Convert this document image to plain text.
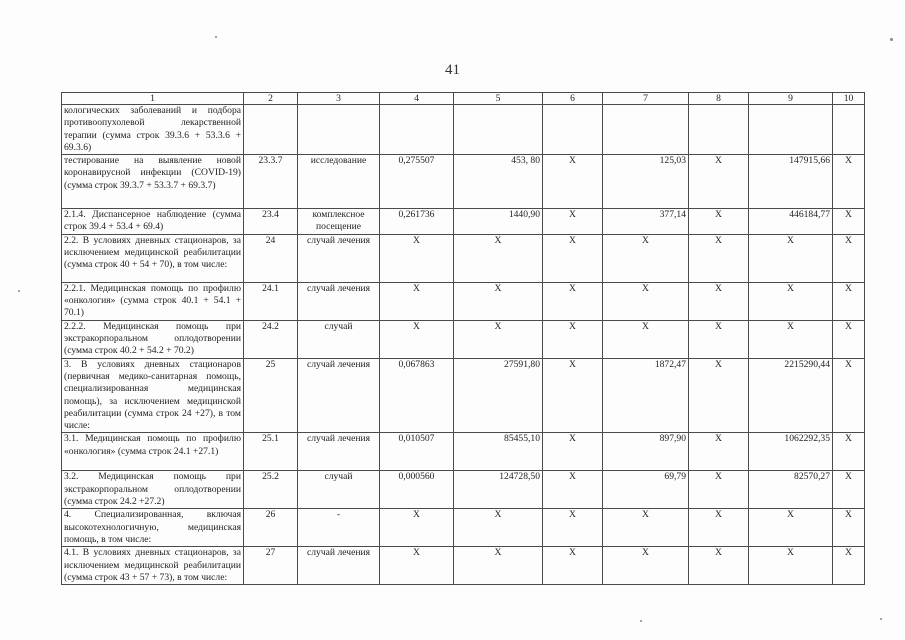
41
1	2	3	4	5	6	7	8	9	10
кологических заболеваний и подбора противоопухолевой лекарственной терапии (сумма строк 39.3.6 + 53.3.6 + 69.3.6)									
тестирование на выявление новой коронавирусной инфекции (COVID-19) (сумма строк 39.3.7 + 53.3.7 + 69.3.7)	23.3.7	исследование	0,275507	453, 80	Х	125,03	Х	147915,66	Х
2.1.4. Диспансерное наблюдение (сумма строк 39.4 + 53.4 + 69.4)	23.4	комплексное посещение	0,261736	1440,90	Х	377,14	Х	446184,77	Х
2.2. В условиях дневных стационаров, за исключением медицинской реабилитации (сумма строк 40 + 54 + 70), в том числе:	24	случай лечения	Х	Х	Х	Х	Х	Х	Х
2.2.1. Медицинская помощь по профилю «онкология» (сумма строк 40.1 + 54.1 + 70.1)	24.1	случай лечения	Х	Х	Х	Х	Х	Х	Х
2.2.2. Медицинская помощь при экстракорпоральном оплодотворении (сумма строк 40.2 + 54.2 + 70.2)	24.2	случай	Х	Х	Х	Х	Х	Х	Х
3. В условиях дневных стационаров (первичная медико-санитарная помощь, специализированная медицинская помощь), за исключением медицинской реабилитации (сумма строк 24 +27), в том числе:	25	случай лечения	0,067863	27591,80	Х	1872,47	Х	2215290,44	Х
3.1. Медицинская помощь по профилю «онкология» (сумма строк 24.1 +27.1)	25.1	случай лечения	0,010507	85455,10	Х	897,90	Х	1062292,35	Х
3.2. Медицинская помощь при экстракорпоральном оплодотворении (сумма строк 24.2 +27.2)	25.2	случай	0,000560	124728,50	Х	69,79	Х	82570,27	Х
4. Специализированная, включая высокотехнологичную, медицинская помощь, в том числе:	26	-	Х	Х	Х	Х	Х	Х	Х
4.1. В условиях дневных стационаров, за исключением медицинской реабилитации (сумма строк 43 + 57 + 73), в том числе:	27	случай лечения	Х	Х	Х	Х	Х	Х	Х
